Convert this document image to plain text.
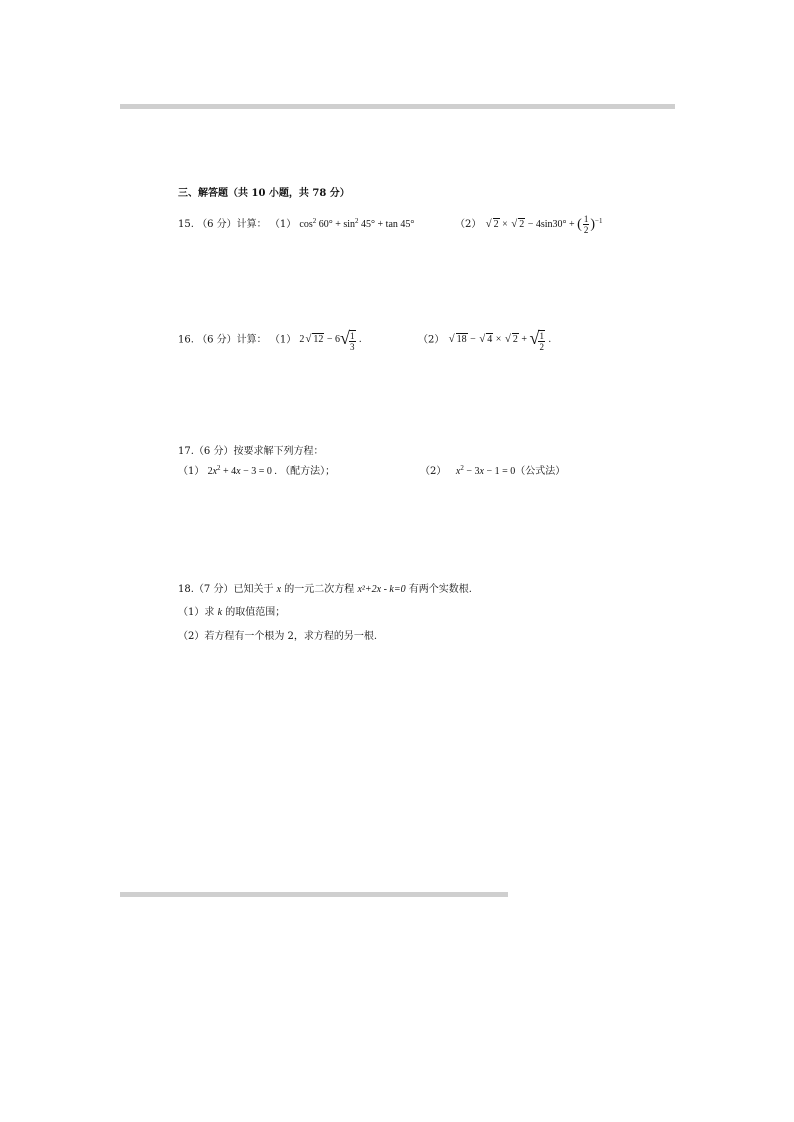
三、解答题（共 10 小题，共 78 分）
15. （6 分）计算： （1） $\cos^2 60^\circ + \sin^2 45^\circ + \tan 45^\circ$	（2） √ 2 × √ 2 − 4sin30° + ( $\frac{1}{2} )^{-1}$
16. （6 分）计算： （1） 2 √ 12 − 6 √ $\frac{1}{3}$ .	（2） √ 18 − √ 4 × √ 2 + √ $\frac{1}{2}$ .
17.（6 分）按要求解下列方程：
（1） $2x^2 + 4x - 3 = 0$ . （配方法）；	（2） $x^2 - 3x - 1 = 0$（公式法）
18.（7 分）已知关于 x 的一元二次方程 x²+2x - k=0 有两个实数根.
（1）求 k 的取值范围；
（2）若方程有一个根为 2，求方程的另一根.
